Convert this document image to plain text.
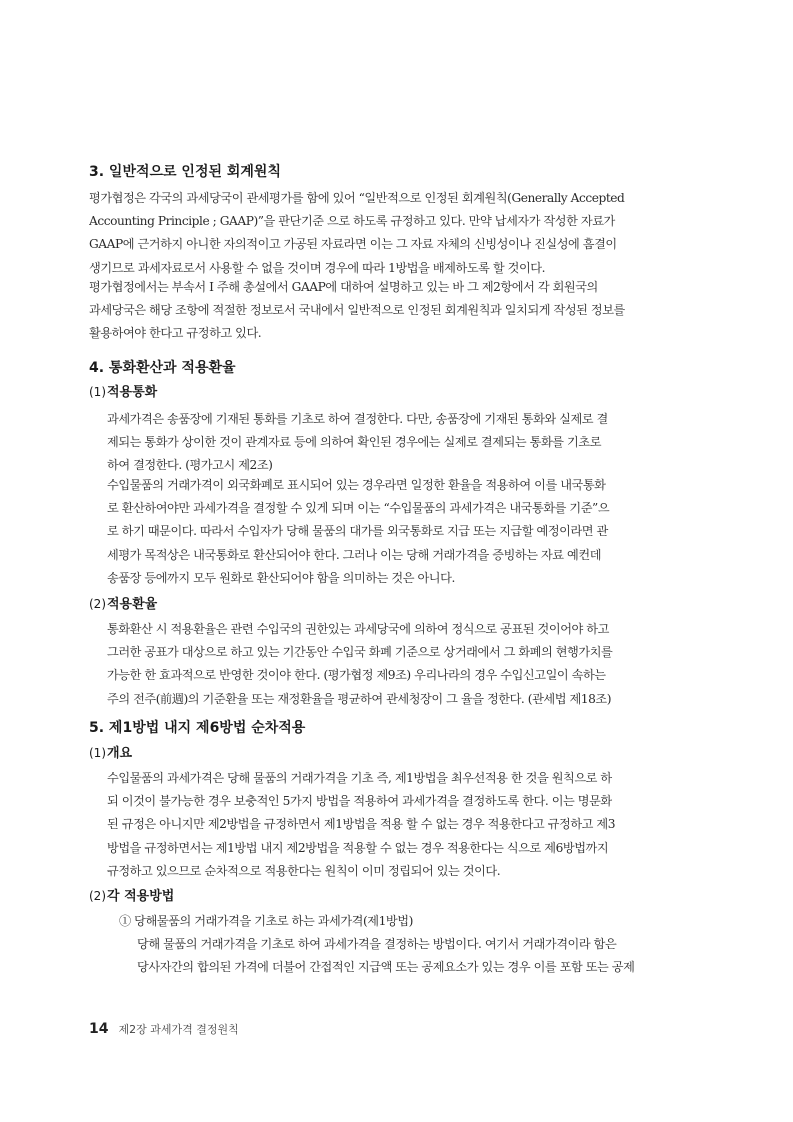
3. 일반적으로 인정된 회계원칙
평가협정은 각국의 과세당국이 관세평가를 함에 있어 “일반적으로 인정된 회계원칙(Generally Accepted
Accounting Principle ; GAAP)”을 판단기준 으로 하도록 규정하고 있다. 만약 납세자가 작성한 자료가
GAAP에 근거하지 아니한 자의적이고 가공된 자료라면 이는 그 자료 자체의 신빙성이나 진실성에 흠결이
생기므로 과세자료로서 사용할 수 없을 것이며 경우에 따라 1방법을 배제하도록 할 것이다.
평가협정에서는 부속서 Ⅰ 주해 총설에서 GAAP에 대하여 설명하고 있는 바 그 제2항에서 각 회원국의
과세당국은 해당 조항에 적절한 정보로서 국내에서 일반적으로 인정된 회계원칙과 일치되게 작성된 정보를
활용하여야 한다고 규정하고 있다.
4. 통화환산과 적용환율
(1)적용통화
과세가격은 송품장에 기재된 통화를 기초로 하여 결정한다. 다만, 송품장에 기재된 통화와 실제로 결
제되는 통화가 상이한 것이 관계자료 등에 의하여 확인된 경우에는 실제로 결제되는 통화를 기초로
하여 결정한다. (평가고시 제2조)
수입물품의 거래가격이 외국화폐로 표시되어 있는 경우라면 일정한 환율을 적용하여 이를 내국통화
로 환산하여야만 과세가격을 결정할 수 있게 되며 이는 “수입물품의 과세가격은 내국통화를 기준”으
로 하기 때문이다. 따라서 수입자가 당해 물품의 대가를 외국통화로 지급 또는 지급할 예정이라면 관
세평가 목적상은 내국통화로 환산되어야 한다. 그러나 이는 당해 거래가격을 증빙하는 자료 예컨데
송품장 등에까지 모두 원화로 환산되어야 함을 의미하는 것은 아니다.
(2)적용환율
통화환산 시 적용환율은 관련 수입국의 권한있는 과세당국에 의하여 정식으로 공표된 것이어야 하고
그러한 공표가 대상으로 하고 있는 기간동안 수입국 화폐 기준으로 상거래에서 그 화폐의 현행가치를
가능한 한 효과적으로 반영한 것이야 한다. (평가협정 제9조) 우리나라의 경우 수입신고일이 속하는
주의 전주(前週)의 기준환율 또는 재정환율을 평균하여 관세청장이 그 율을 정한다. (관세법 제18조)
5. 제1방법 내지 제6방법 순차적용
(1)개요
수입물품의 과세가격은 당해 물품의 거래가격을 기초 즉, 제1방법을 최우선적용 한 것을 원칙으로 하
되 이것이 불가능한 경우 보충적인 5가지 방법을 적용하여 과세가격을 결정하도록 한다. 이는 명문화
된 규정은 아니지만 제2방법을 규정하면서 제1방법을 적용 할 수 없는 경우 적용한다고 규정하고 제3
방법을 규정하면서는 제1방법 내지 제2방법을 적용할 수 없는 경우 적용한다는 식으로 제6방법까지
규정하고 있으므로 순차적으로 적용한다는 원칙이 이미 정립되어 있는 것이다.
(2)각 적용방법
① 당해물품의 거래가격을 기초로 하는 과세가격(제1방법)
당해 물품의 거래가격을 기초로 하여 과세가격을 결정하는 방법이다. 여기서 거래가격이라 함은
당사자간의 합의된 가격에 더불어 간접적인 지급액 또는 공제요소가 있는 경우 이를 포함 또는 공제
14 제2장 과세가격 결정원칙
